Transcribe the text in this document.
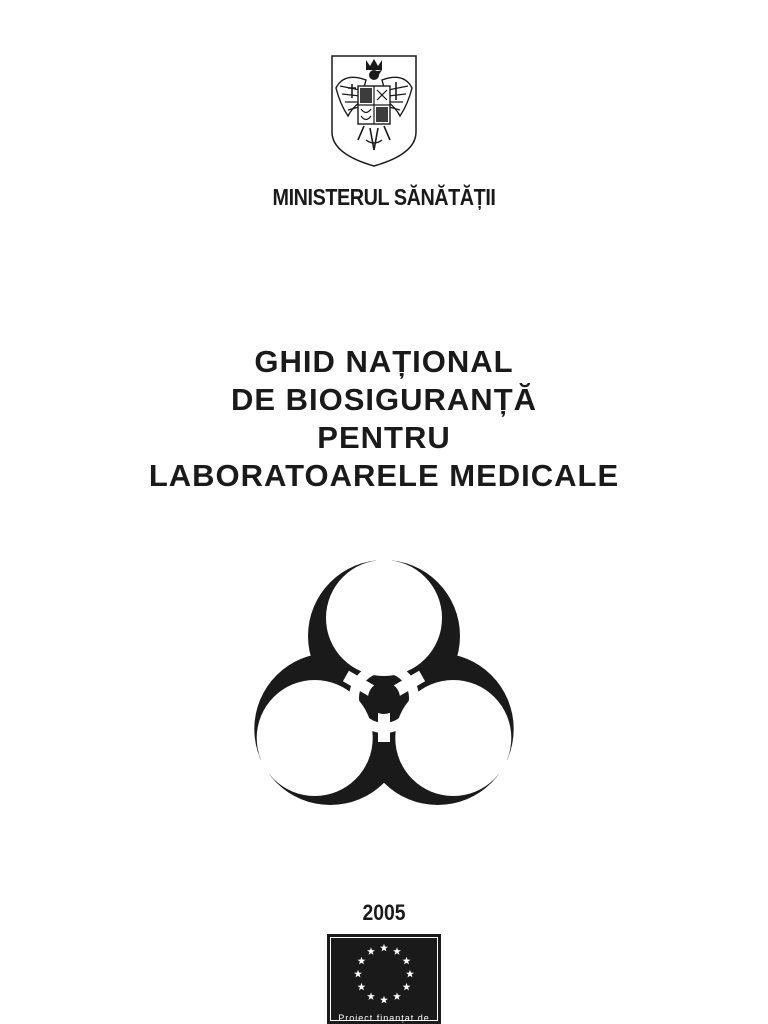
MINISTERUL SĂNĂTĂȚII
GHID NAȚIONAL
DE BIOSIGURANȚĂ
PENTRU
LABORATOARELE MEDICALE
2005
Proiect finanțat de
